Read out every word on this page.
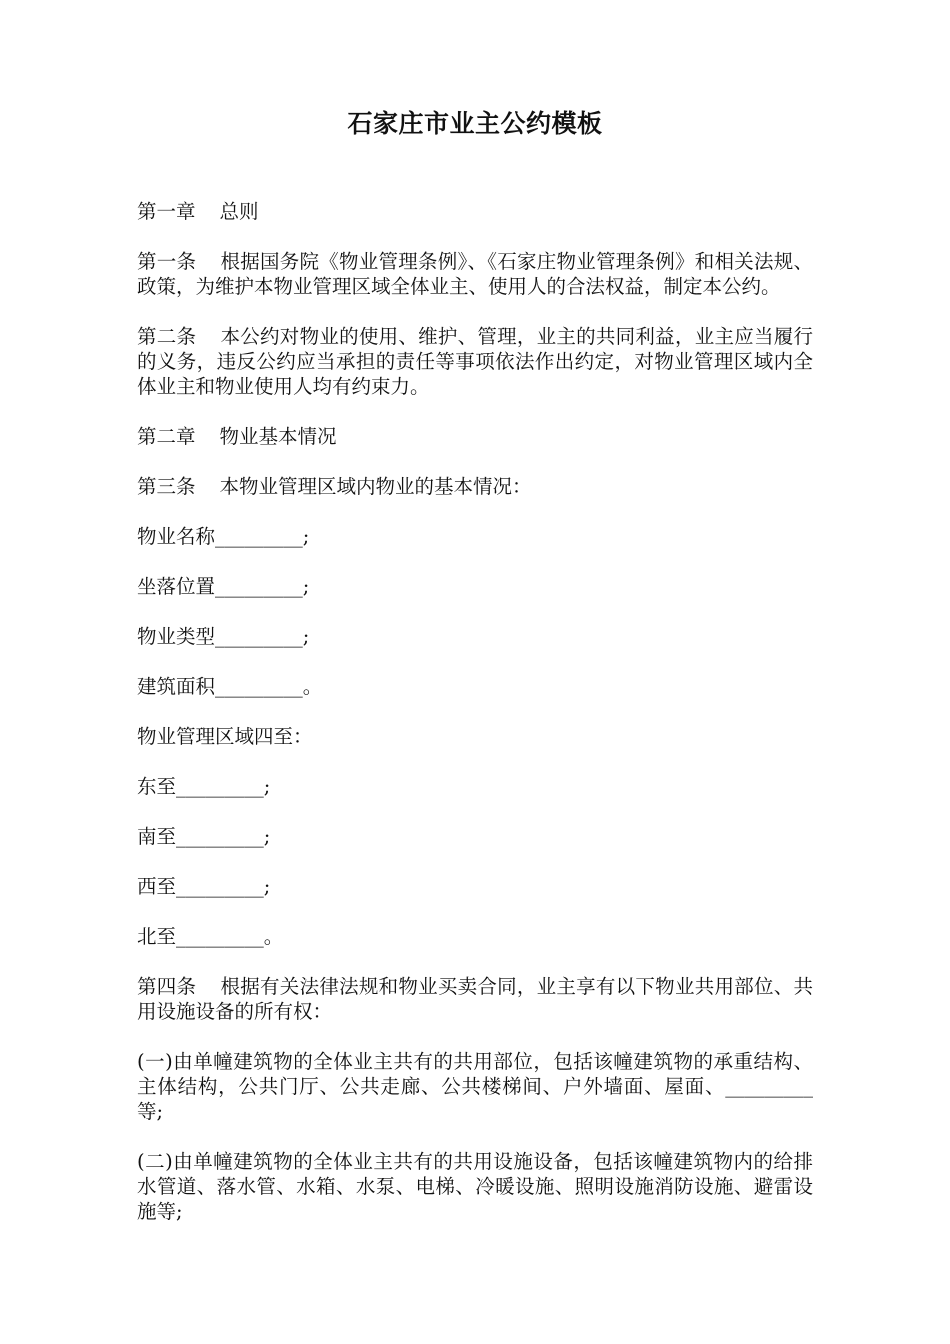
石家庄市业主公约模板

第一章 总则

第一条 根据国务院《物业管理条例》、《石家庄物业管理条例》和相关法规、政策，为维护本物业管理区域全体业主、使用人的合法权益，制定本公约。

第二条 本公约对物业的使用、维护、管理，业主的共同利益，业主应当履行的义务，违反公约应当承担的责任等事项依法作出约定，对物业管理区域内全体业主和物业使用人均有约束力。

第二章 物业基本情况

第三条 本物业管理区域内物业的基本情况：

物业名称_________;

坐落位置_________;

物业类型_________;

建筑面积_________。

物业管理区域四至：

东至_________;

南至_________;

西至_________;

北至_________。

第四条 根据有关法律法规和物业买卖合同，业主享有以下物业共用部位、共用设施设备的所有权：

(一)由单幢建筑物的全体业主共有的共用部位，包括该幢建筑物的承重结构、主体结构，公共门厅、公共走廊、公共楼梯间、户外墙面、屋面、_________等;

(二)由单幢建筑物的全体业主共有的共用设施设备，包括该幢建筑物内的给排水管道、落水管、水箱、水泵、电梯、冷暖设施、照明设施消防设施、避雷设施等;
